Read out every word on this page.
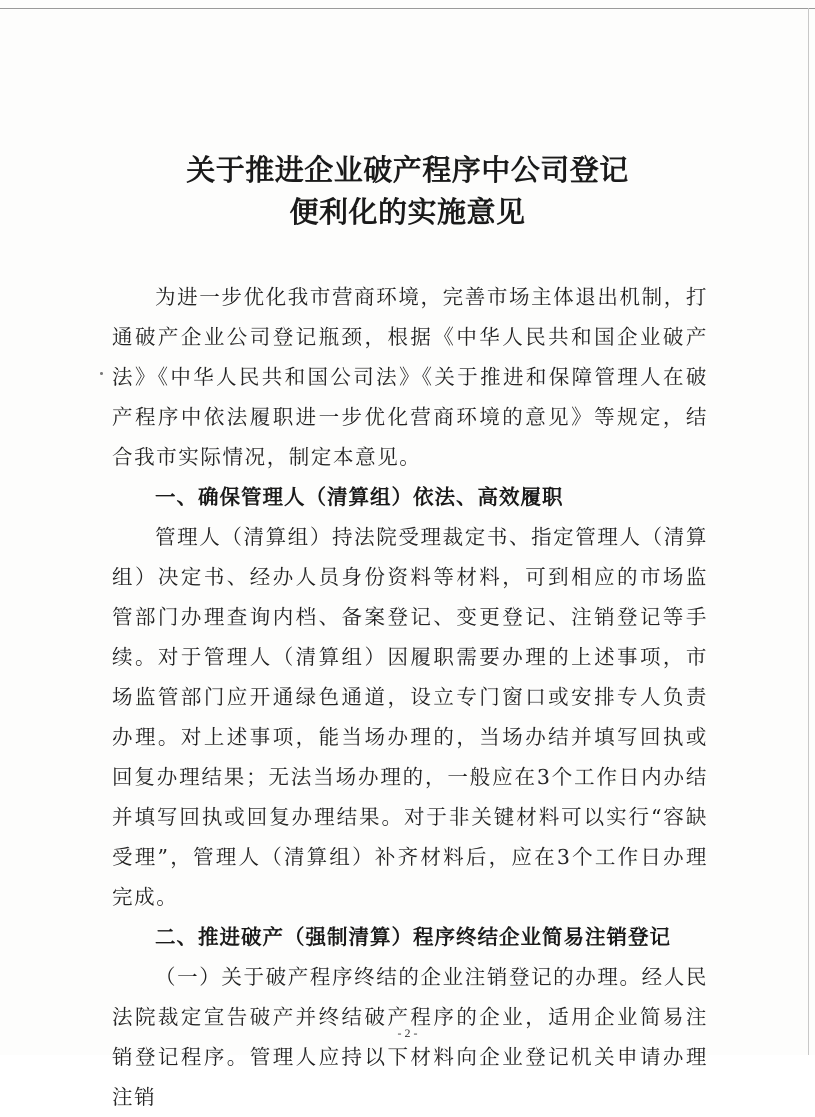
关于推进企业破产程序中公司登记
便利化的实施意见

为进一步优化我市营商环境，完善市场主体退出机制，打通破产企业公司登记瓶颈，根据《中华人民共和国企业破产法》《中华人民共和国公司法》《关于推进和保障管理人在破产程序中依法履职进一步优化营商环境的意见》等规定，结合我市实际情况，制定本意见。

一、确保管理人（清算组）依法、高效履职

管理人（清算组）持法院受理裁定书、指定管理人（清算组）决定书、经办人员身份资料等材料，可到相应的市场监管部门办理查询内档、备案登记、变更登记、注销登记等手续。对于管理人（清算组）因履职需要办理的上述事项，市场监管部门应开通绿色通道，设立专门窗口或安排专人负责办理。对上述事项，能当场办理的，当场办结并填写回执或回复办理结果；无法当场办理的，一般应在3个工作日内办结并填写回执或回复办理结果。对于非关键材料可以实行“容缺受理”，管理人（清算组）补齐材料后，应在3个工作日办理完成。

二、推进破产（强制清算）程序终结企业简易注销登记

（一）关于破产程序终结的企业注销登记的办理。经人民法院裁定宣告破产并终结破产程序的企业，适用企业简易注销登记程序。管理人应持以下材料向企业登记机关申请办理注销

- 2 -
